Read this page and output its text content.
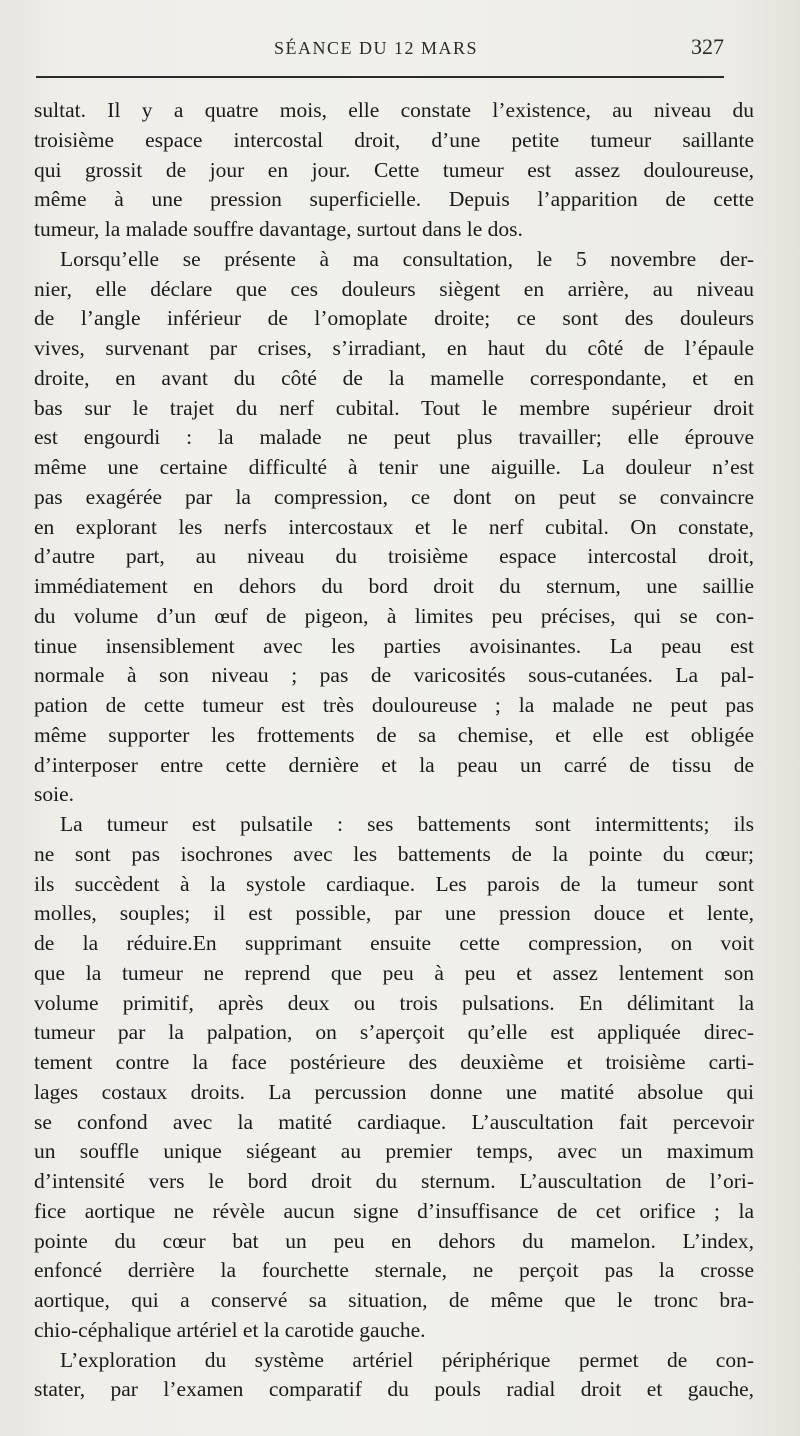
SÉANCE DU 12 MARS	327
sultat. Il y a quatre mois, elle constate l’existence, au niveau du
troisième espace intercostal droit, d’une petite tumeur saillante
qui grossit de jour en jour. Cette tumeur est assez douloureuse,
même à une pression superficielle. Depuis l’apparition de cette
tumeur, la malade souffre davantage, surtout dans le dos.
Lorsqu’elle se présente à ma consultation, le 5 novembre der-
nier, elle déclare que ces douleurs siègent en arrière, au niveau
de l’angle inférieur de l’omoplate droite; ce sont des douleurs
vives, survenant par crises, s’irradiant, en haut du côté de l’épaule
droite, en avant du côté de la mamelle correspondante, et en
bas sur le trajet du nerf cubital. Tout le membre supérieur droit
est engourdi : la malade ne peut plus travailler; elle éprouve
même une certaine difficulté à tenir une aiguille. La douleur n’est
pas exagérée par la compression, ce dont on peut se convaincre
en explorant les nerfs intercostaux et le nerf cubital. On constate,
d’autre part, au niveau du troisième espace intercostal droit,
immédiatement en dehors du bord droit du sternum, une saillie
du volume d’un œuf de pigeon, à limites peu précises, qui se con-
tinue insensiblement avec les parties avoisinantes. La peau est
normale à son niveau ; pas de varicosités sous-cutanées. La pal-
pation de cette tumeur est très douloureuse ; la malade ne peut pas
même supporter les frottements de sa chemise, et elle est obligée
d’interposer entre cette dernière et la peau un carré de tissu de
soie.
La tumeur est pulsatile : ses battements sont intermittents; ils
ne sont pas isochrones avec les battements de la pointe du cœur;
ils succèdent à la systole cardiaque. Les parois de la tumeur sont
molles, souples; il est possible, par une pression douce et lente,
de la réduire.En supprimant ensuite cette compression, on voit
que la tumeur ne reprend que peu à peu et assez lentement son
volume primitif, après deux ou trois pulsations. En délimitant la
tumeur par la palpation, on s’aperçoit qu’elle est appliquée direc-
tement contre la face postérieure des deuxième et troisième carti-
lages costaux droits. La percussion donne une matité absolue qui
se confond avec la matité cardiaque. L’auscultation fait percevoir
un souffle unique siégeant au premier temps, avec un maximum
d’intensité vers le bord droit du sternum. L’auscultation de l’ori-
fice aortique ne révèle aucun signe d’insuffisance de cet orifice ; la
pointe du cœur bat un peu en dehors du mamelon. L’index,
enfoncé derrière la fourchette sternale, ne perçoit pas la crosse
aortique, qui a conservé sa situation, de même que le tronc bra-
chio-céphalique artériel et la carotide gauche.
L’exploration du système artériel périphérique permet de con-
stater, par l’examen comparatif du pouls radial droit et gauche,
